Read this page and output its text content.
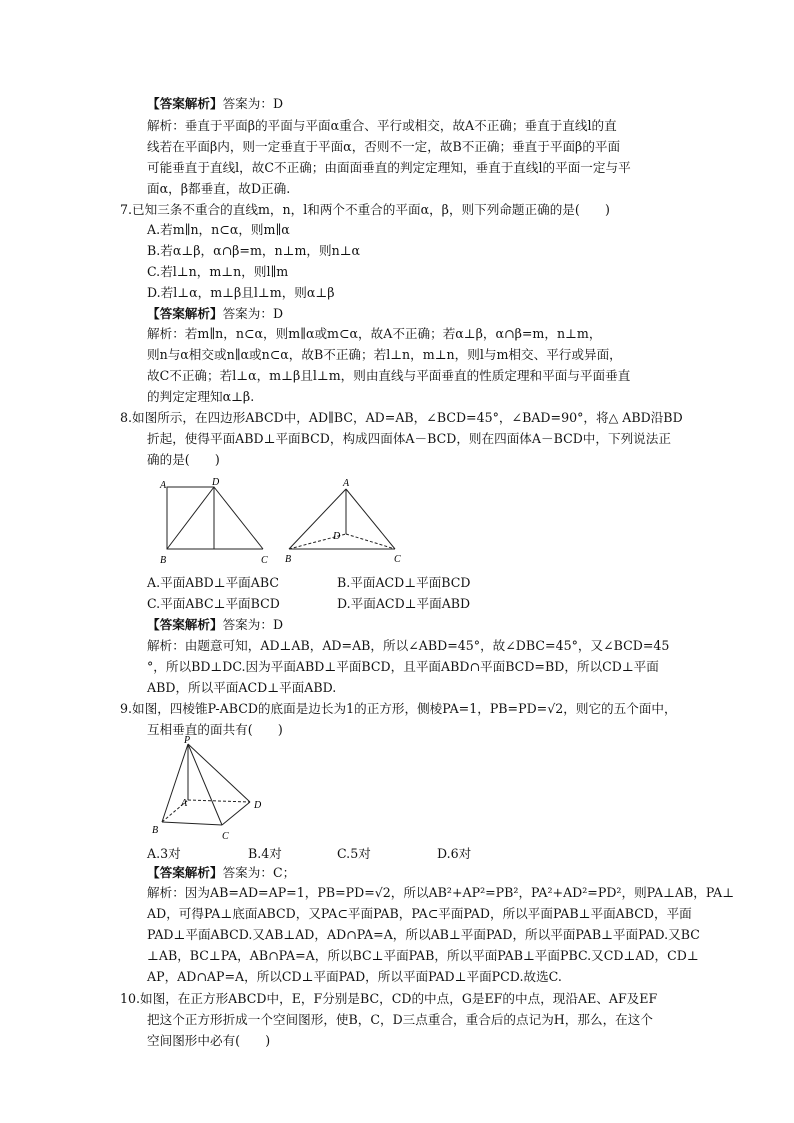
【答案解析】答案为：D
解析：垂直于平面β的平面与平面α重合、平行或相交，故A不正确；垂直于直线l的直
线若在平面β内，则一定垂直于平面α，否则不一定，故B不正确；垂直于平面β的平面
可能垂直于直线l，故C不正确；由面面垂直的判定定理知，垂直于直线l的平面一定与平
面α，β都垂直，故D正确.
7.已知三条不重合的直线m，n，l和两个不重合的平面α，β，则下列命题正确的是(　　)
A.若m∥n，n⊂α，则m∥α
B.若α⊥β，α∩β=m，n⊥m，则n⊥α
C.若l⊥n，m⊥n，则l∥m
D.若l⊥α，m⊥β且l⊥m，则α⊥β
【答案解析】答案为：D
解析：若m∥n，n⊂α，则m∥α或m⊂α，故A不正确；若α⊥β，α∩β=m，n⊥m，
则n与α相交或n∥α或n⊂α，故B不正确；若l⊥n，m⊥n，则l与m相交、平行或异面，
故C不正确；若l⊥α，m⊥β且l⊥m，则由直线与平面垂直的性质定理和平面与平面垂直
的判定定理知α⊥β.
8.如图所示，在四边形ABCD中，AD∥BC，AD=AB，∠BCD=45°，∠BAD=90°，将△ ABD沿BD
折起，使得平面ABD⊥平面BCD，构成四面体A－BCD，则在四面体A－BCD中，下列说法正
确的是(　　)
A	D
B	C
A
D
B	C
A.平面ABD⊥平面ABC	B.平面ACD⊥平面BCD
C.平面ABC⊥平面BCD	D.平面ACD⊥平面ABD
【答案解析】答案为：D
解析：由题意可知，AD⊥AB，AD=AB，所以∠ABD=45°，故∠DBC=45°，又∠BCD=45
°，所以BD⊥DC.因为平面ABD⊥平面BCD，且平面ABD∩平面BCD=BD，所以CD⊥平面
ABD，所以平面ACD⊥平面ABD.
9.如图，四棱锥P-ABCD的底面是边长为1的正方形，侧棱PA=1，PB=PD=√2，则它的五个面中，
互相垂直的面共有(　　)
P
A
B
C
D
A.3对	B.4对	C.5对	D.6对
【答案解析】答案为：C；
解析：因为AB=AD=AP=1，PB=PD=√2，所以AB²+AP²=PB²，PA²+AD²=PD²，则PA⊥AB，PA⊥
AD，可得PA⊥底面ABCD，又PA⊂平面PAB，PA⊂平面PAD，所以平面PAB⊥平面ABCD，平面
PAD⊥平面ABCD.又AB⊥AD，AD∩PA=A，所以AB⊥平面PAD，所以平面PAB⊥平面PAD.又BC
⊥AB，BC⊥PA，AB∩PA=A，所以BC⊥平面PAB，所以平面PAB⊥平面PBC.又CD⊥AD，CD⊥
AP，AD∩AP=A，所以CD⊥平面PAD，所以平面PAD⊥平面PCD.故选C.
10.如图，在正方形ABCD中，E，F分别是BC，CD的中点，G是EF的中点，现沿AE、AF及EF
把这个正方形折成一个空间图形，使B，C，D三点重合，重合后的点记为H，那么，在这个
空间图形中必有(　　)
